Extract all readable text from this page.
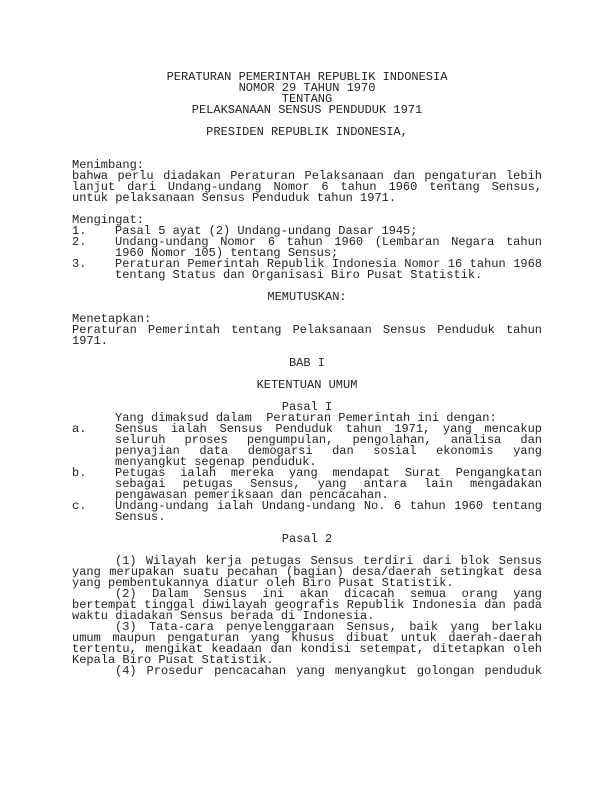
PERATURAN PEMERINTAH REPUBLIK INDONESIA
NOMOR 29 TAHUN 1970
TENTANG
PELAKSANAAN SENSUS PENDUDUK 1971
PRESIDEN REPUBLIK INDONESIA,
Menimbang:
bahwa perlu diadakan Peraturan Pelaksanaan dan pengaturan lebih lanjut dari Undang-undang Nomor 6 tahun 1960 tentang Sensus, untuk pelaksanaan Sensus Penduduk tahun 1971.
Mengingat:
1.	Pasal 5 ayat (2) Undang-undang Dasar 1945;
2.	Undang-undang Nomor 6 tahun 1960 (Lembaran Negara tahun 1960 Nomor 105) tentang Sensus;
3.	Peraturan Pemerintah Republik Indonesia Nomor 16 tahun 1968 tentang Status dan Organisasi Biro Pusat Statistik.
MEMUTUSKAN:
Menetapkan:
Peraturan Pemerintah tentang Pelaksanaan Sensus Penduduk tahun 1971.
BAB I
KETENTUAN UMUM
Pasal I
Yang dimaksud dalam  Peraturan Pemerintah ini dengan:
a.	Sensus ialah Sensus Penduduk tahun 1971, yang mencakup seluruh proses pengumpulan, pengolahan, analisa dan penyajian data demogarsi dan sosial ekonomis yang menyangkut segenap penduduk.
b.	Petugas ialah mereka yang mendapat Surat Pengangkatan sebagai petugas Sensus, yang antara lain mengadakan pengawasan pemeriksaan dan pencacahan.
c.	Undang-undang ialah Undang-undang No. 6 tahun 1960 tentang Sensus.
Pasal 2
(1) Wilayah kerja petugas Sensus terdiri dari blok Sensus yang merupakan suatu pecahan (bagian) desa/daerah setingkat desa yang pembentukannya diatur oleh Biro Pusat Statistik.
(2) Dalam Sensus ini akan dicacah semua orang yang bertempat tinggal diwilayah geografis Republik Indonesia dan pada waktu diadakan Sensus berada di Indonesia.
(3) Tata-cara penyelenggaraan Sensus, baik yang berlaku umum maupun pengaturan yang khusus dibuat untuk daerah-daerah tertentu, mengikat keadaan dan kondisi setempat, ditetapkan oleh Kepala Biro Pusat Statistik.
(4) Prosedur pencacahan yang menyangkut golongan penduduk
